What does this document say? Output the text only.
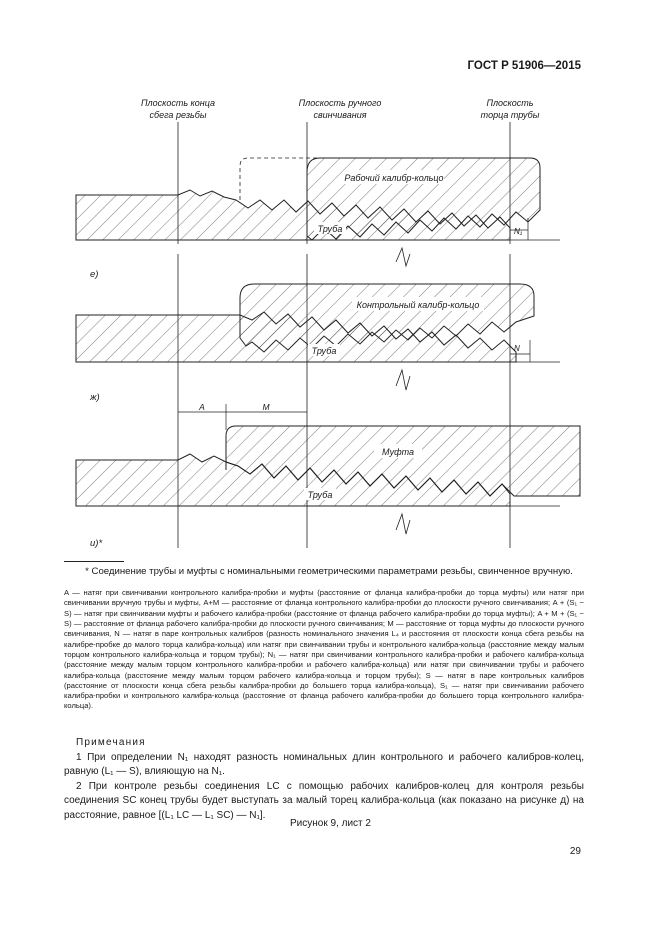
ГОСТ Р 51906—2015
Плоскость конца
сбега резьбы
Плоскость ручного
свинчивания
Плоскость
торца трубы
Рабочий калибр-кольцо
Труба	N₁
е)
Контрольный калибр-кольцо
Труба	N
ж)
A	M
Муфта
Труба
и)*
* Соединение трубы и муфты с номинальными геометрическими параметрами резьбы, свинченное вручную.

A — натяг при свинчивании контрольного калибра-пробки и муфты (расстояние от фланца калибра-пробки до торца муфты) или натяг при свинчивании вручную трубы и муфты, A+M — расстояние от фланца контрольного калибра-пробки до плоскости ручного свинчивания; A + (S₁ − S) — натяг при свинчивании муфты и рабочего калибра-пробки (расстояние от фланца рабочего калибра-пробки до торца муфты); A + M + (S₁ − S) — расстояние от фланца рабочего калибра-пробки до плоскости ручного свинчивания; M — расстояние от торца муфты до плоскости ручного свинчивания, N — натяг в паре контрольных калибров (разность номинального значения L₄ и расстояния от плоскости конца сбега резьбы на калибре-пробке до малого торца калибра-кольца) или натяг при свинчивании трубы и контрольного калибра-кольца (расстояние между малым торцом контрольного калибра-кольца и торцом трубы); N₁ — натяг при свинчивании контрольного калибра-пробки и рабочего калибра-кольца (расстояние между малым торцом контрольного калибра-пробки и рабочего калибра-кольца) или натяг при свинчивании трубы и рабочего калибра-кольца (расстояние между малым торцом рабочего калибра-кольца и торцом трубы); S — натяг в паре контрольных калибров (расстояние от плоскости конца сбега резьбы калибра-пробки до большего торца калибра-кольца), S₁ — натяг при свинчивании рабочего калибра-пробки и контрольного калибра-кольца (расстояние от фланца рабочего калибра-пробки до большего торца контрольного калибра-кольца).

Примечания

1 При определении N₁ находят разность номинальных длин контрольного и рабочего калибров-колец, равную (L₁ — S), влияющую на N₁.

2 При контроле резьбы соединения LC с помощью рабочих калибров-колец для контроля резьбы соединения SC конец трубы будет выступать за малый торец калибра-кольца (как показано на рисунке д) на расстояние, равное [(L₁ LC — L₁ SC) — N₁].

Рисунок 9, лист 2
29
